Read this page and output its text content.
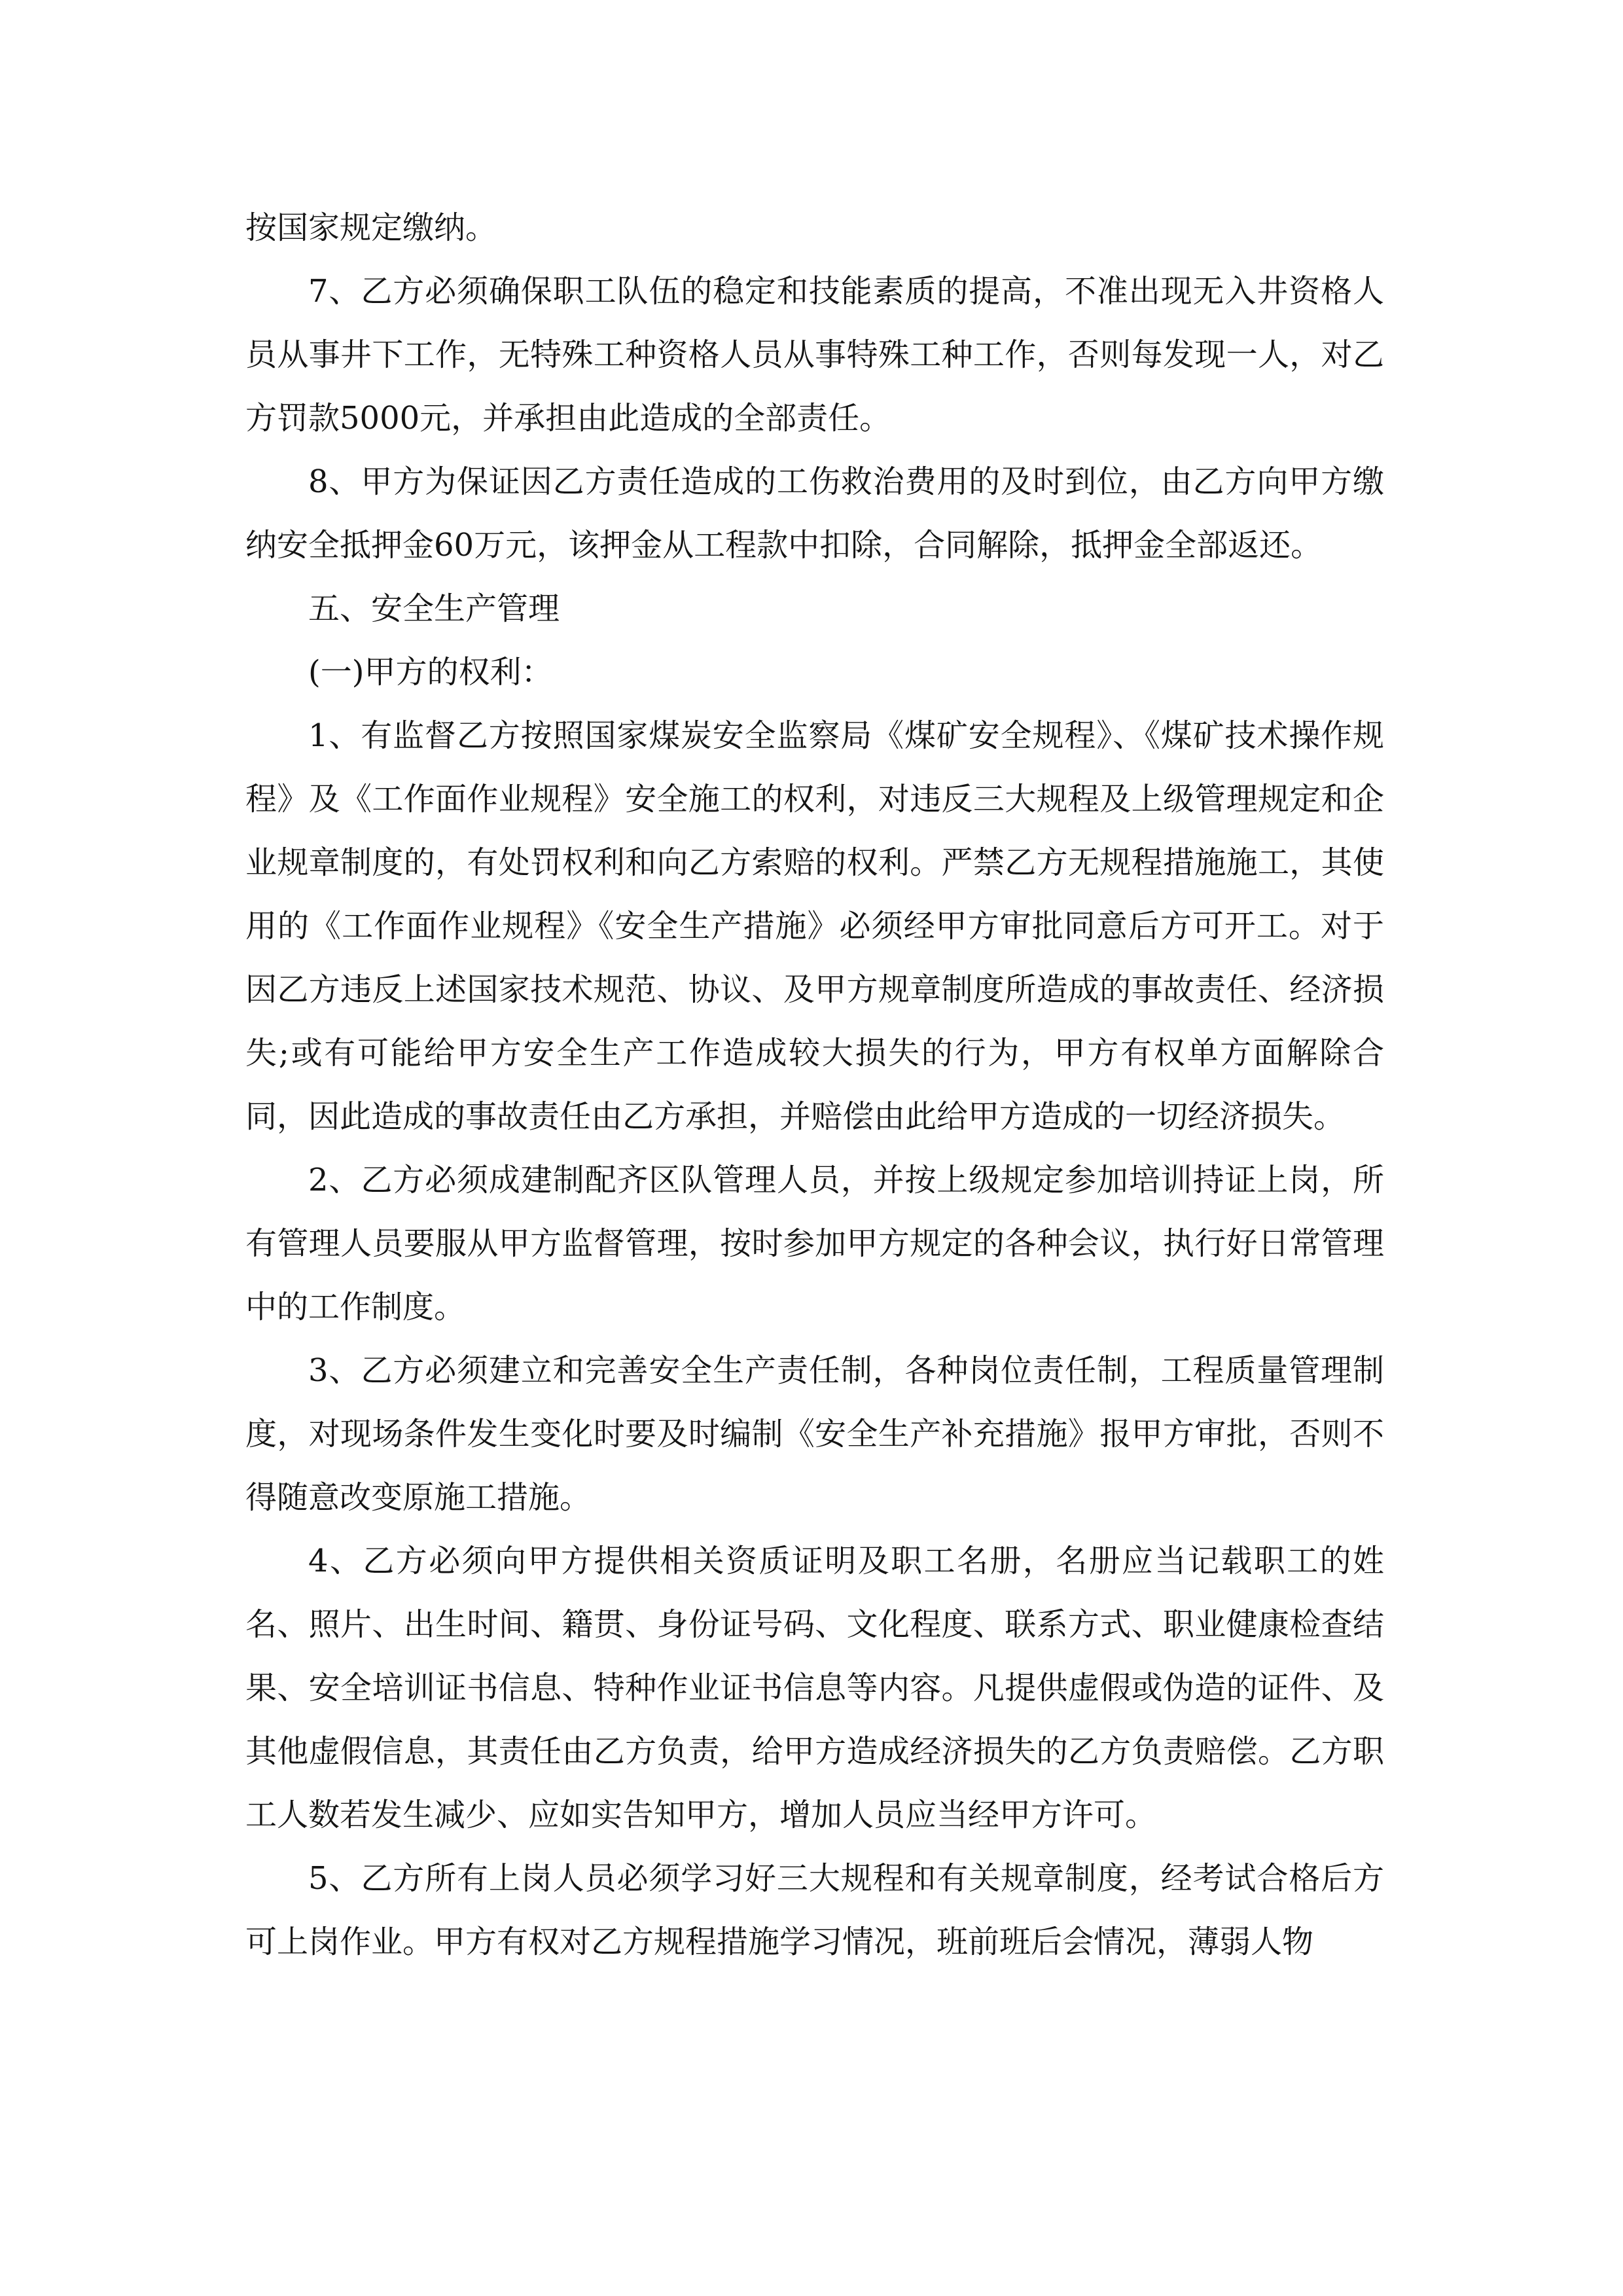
按国家规定缴纳。

7、乙方必须确保职工队伍的稳定和技能素质的提高，不准出现无入井资格人员从事井下工作，无特殊工种资格人员从事特殊工种工作，否则每发现一人，对乙方罚款5000元，并承担由此造成的全部责任。

8、甲方为保证因乙方责任造成的工伤救治费用的及时到位，由乙方向甲方缴纳安全抵押金60万元，该押金从工程款中扣除，合同解除，抵押金全部返还。

五、安全生产管理

(一)甲方的权利：

1、有监督乙方按照国家煤炭安全监察局《煤矿安全规程》、《煤矿技术操作规程》及《工作面作业规程》安全施工的权利，对违反三大规程及上级管理规定和企业规章制度的，有处罚权利和向乙方索赔的权利。严禁乙方无规程措施施工，其使用的《工作面作业规程》《安全生产措施》必须经甲方审批同意后方可开工。对于因乙方违反上述国家技术规范、协议、及甲方规章制度所造成的事故责任、经济损失;或有可能给甲方安全生产工作造成较大损失的行为，甲方有权单方面解除合同，因此造成的事故责任由乙方承担，并赔偿由此给甲方造成的一切经济损失。

2、乙方必须成建制配齐区队管理人员，并按上级规定参加培训持证上岗，所有管理人员要服从甲方监督管理，按时参加甲方规定的各种会议，执行好日常管理中的工作制度。

3、乙方必须建立和完善安全生产责任制，各种岗位责任制，工程质量管理制度，对现场条件发生变化时要及时编制《安全生产补充措施》报甲方审批，否则不得随意改变原施工措施。

4、乙方必须向甲方提供相关资质证明及职工名册，名册应当记载职工的姓名、照片、出生时间、籍贯、身份证号码、文化程度、联系方式、职业健康检查结果、安全培训证书信息、特种作业证书信息等内容。凡提供虚假或伪造的证件、及其他虚假信息，其责任由乙方负责，给甲方造成经济损失的乙方负责赔偿。乙方职工人数若发生减少、应如实告知甲方，增加人员应当经甲方许可。

5、乙方所有上岗人员必须学习好三大规程和有关规章制度，经考试合格后方可上岗作业。甲方有权对乙方规程措施学习情况，班前班后会情况，薄弱人物
